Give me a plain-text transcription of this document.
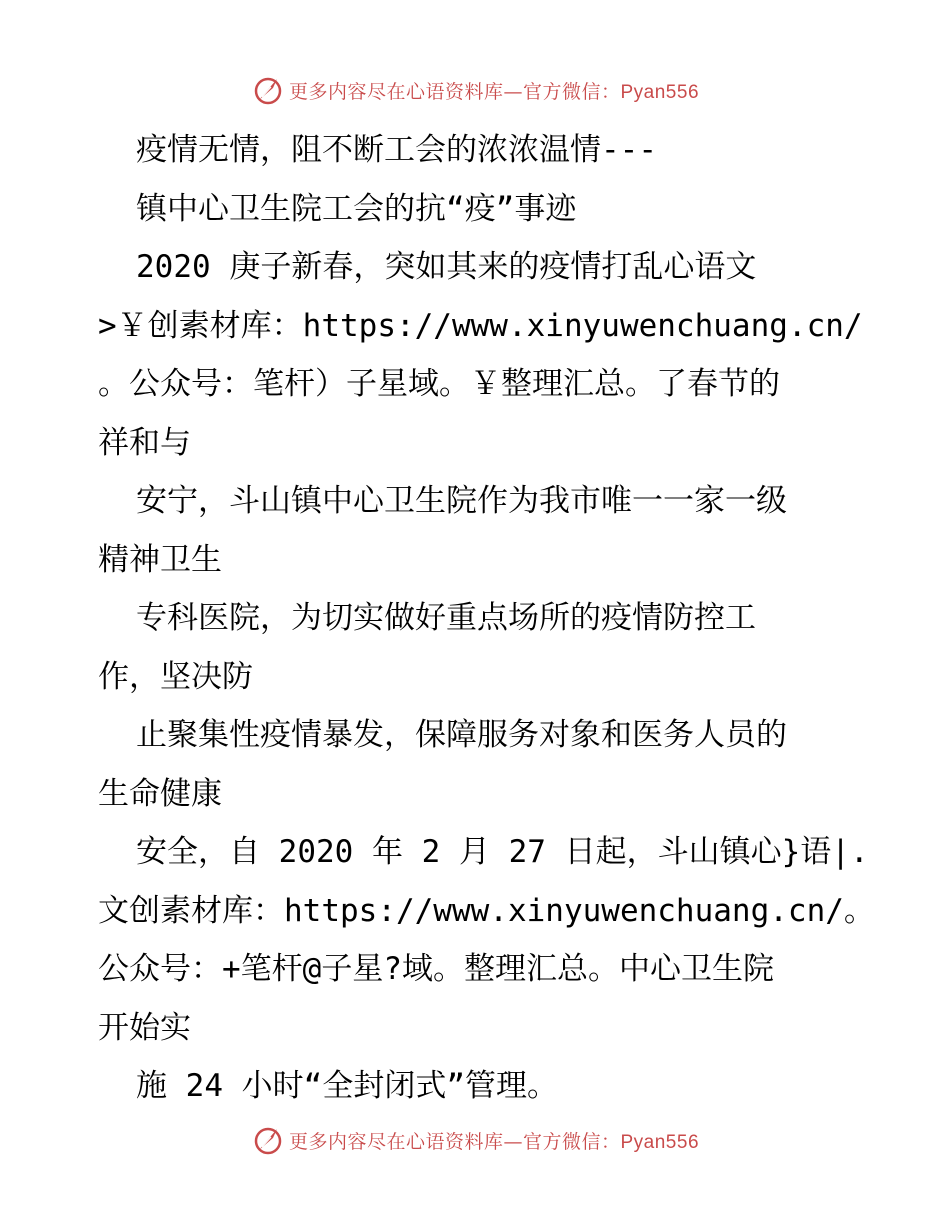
更多内容尽在心语资料库—官方微信：Pyan556
疫情无情，阻不断工会的浓浓温情---
镇中心卫生院工会的抗“疫”事迹
2020 庚子新春，突如其来的疫情打乱心语文
>￥创素材库：https://www.xinyuwenchuang.cn/
。公众号：笔杆）子星域。￥整理汇总。了春节的
祥和与
安宁，斗山镇中心卫生院作为我市唯一一家一级
精神卫生
专科医院，为切实做好重点场所的疫情防控工
作，坚决防
止聚集性疫情暴发，保障服务对象和医务人员的
生命健康
安全，自 2020 年 2 月 27 日起，斗山镇心}语|.
文创素材库：https://www.xinyuwenchuang.cn/。
公众号：+笔杆@子星?域。整理汇总。中心卫生院
开始实
施 24 小时“全封闭式”管理。
更多内容尽在心语资料库—官方微信：Pyan556
